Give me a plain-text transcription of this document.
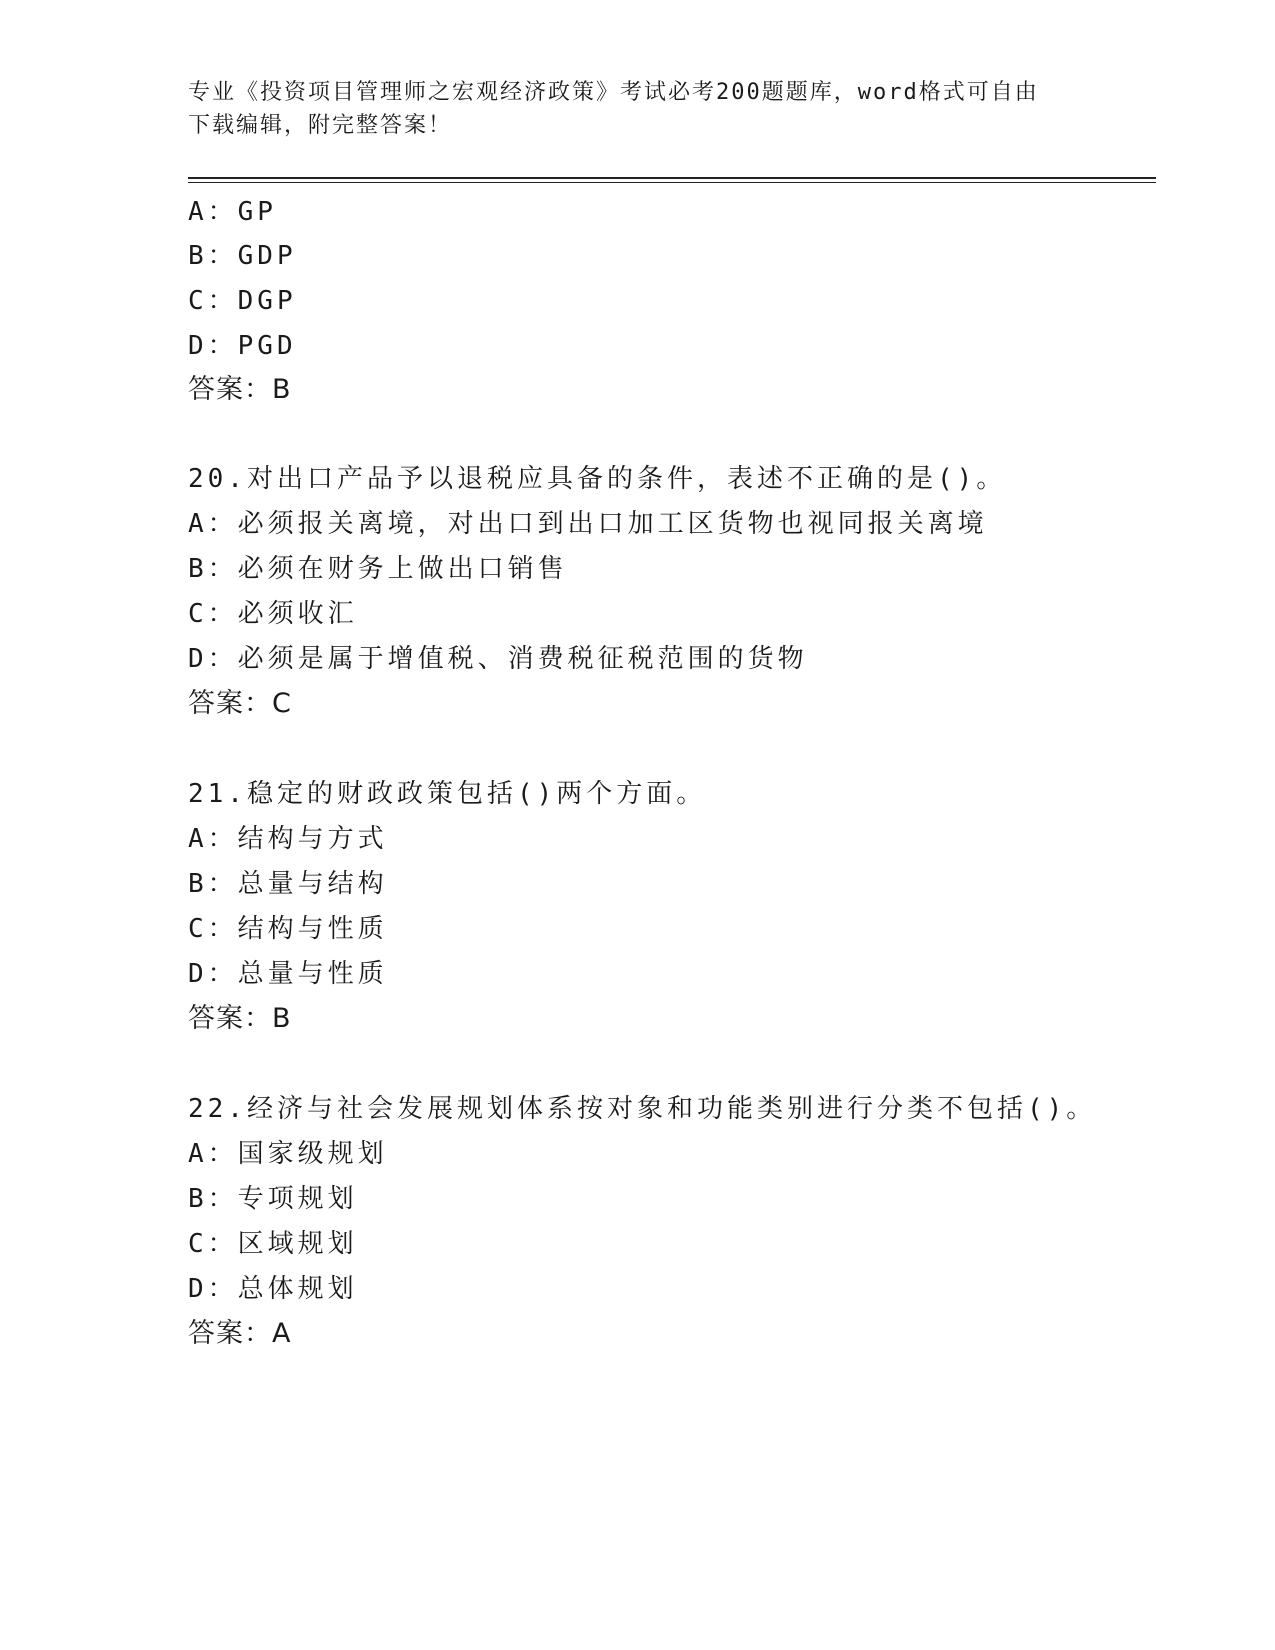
专业《投资项目管理师之宏观经济政策》考试必考200题题库，word格式可自由
下载编辑，附完整答案！
A：GP
B：GDP
C：DGP
D：PGD
答案：B
20.对出口产品予以退税应具备的条件，表述不正确的是()。
A：必须报关离境，对出口到出口加工区货物也视同报关离境
B：必须在财务上做出口销售
C：必须收汇
D：必须是属于增值税、消费税征税范围的货物
答案：C
21.稳定的财政政策包括()两个方面。
A：结构与方式
B：总量与结构
C：结构与性质
D：总量与性质
答案：B
22.经济与社会发展规划体系按对象和功能类别进行分类不包括()。
A：国家级规划
B：专项规划
C：区域规划
D：总体规划
答案：A
